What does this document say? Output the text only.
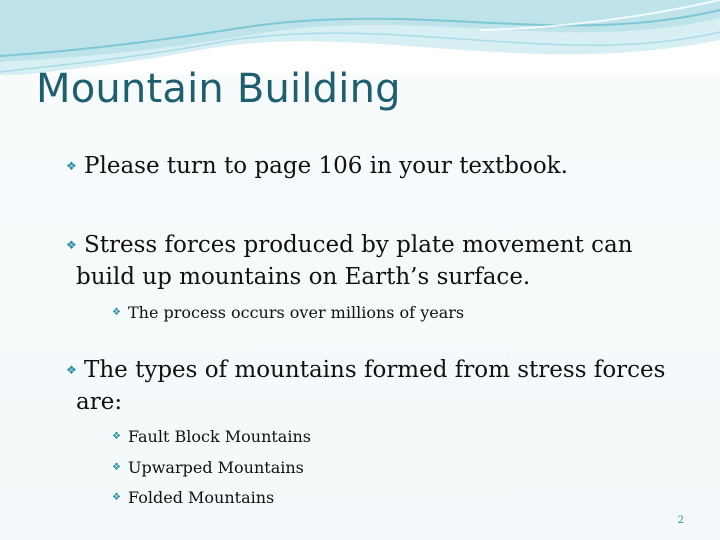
Mountain Building
❖ Please turn to page 106 in your textbook.
❖ Stress forces produced by plate movement can
build up mountains on Earth’s surface.
❖ The process occurs over millions of years
❖ The types of mountains formed from stress forces
are:
❖ Fault Block Mountains
❖ Upwarped Mountains
❖ Folded Mountains
2
